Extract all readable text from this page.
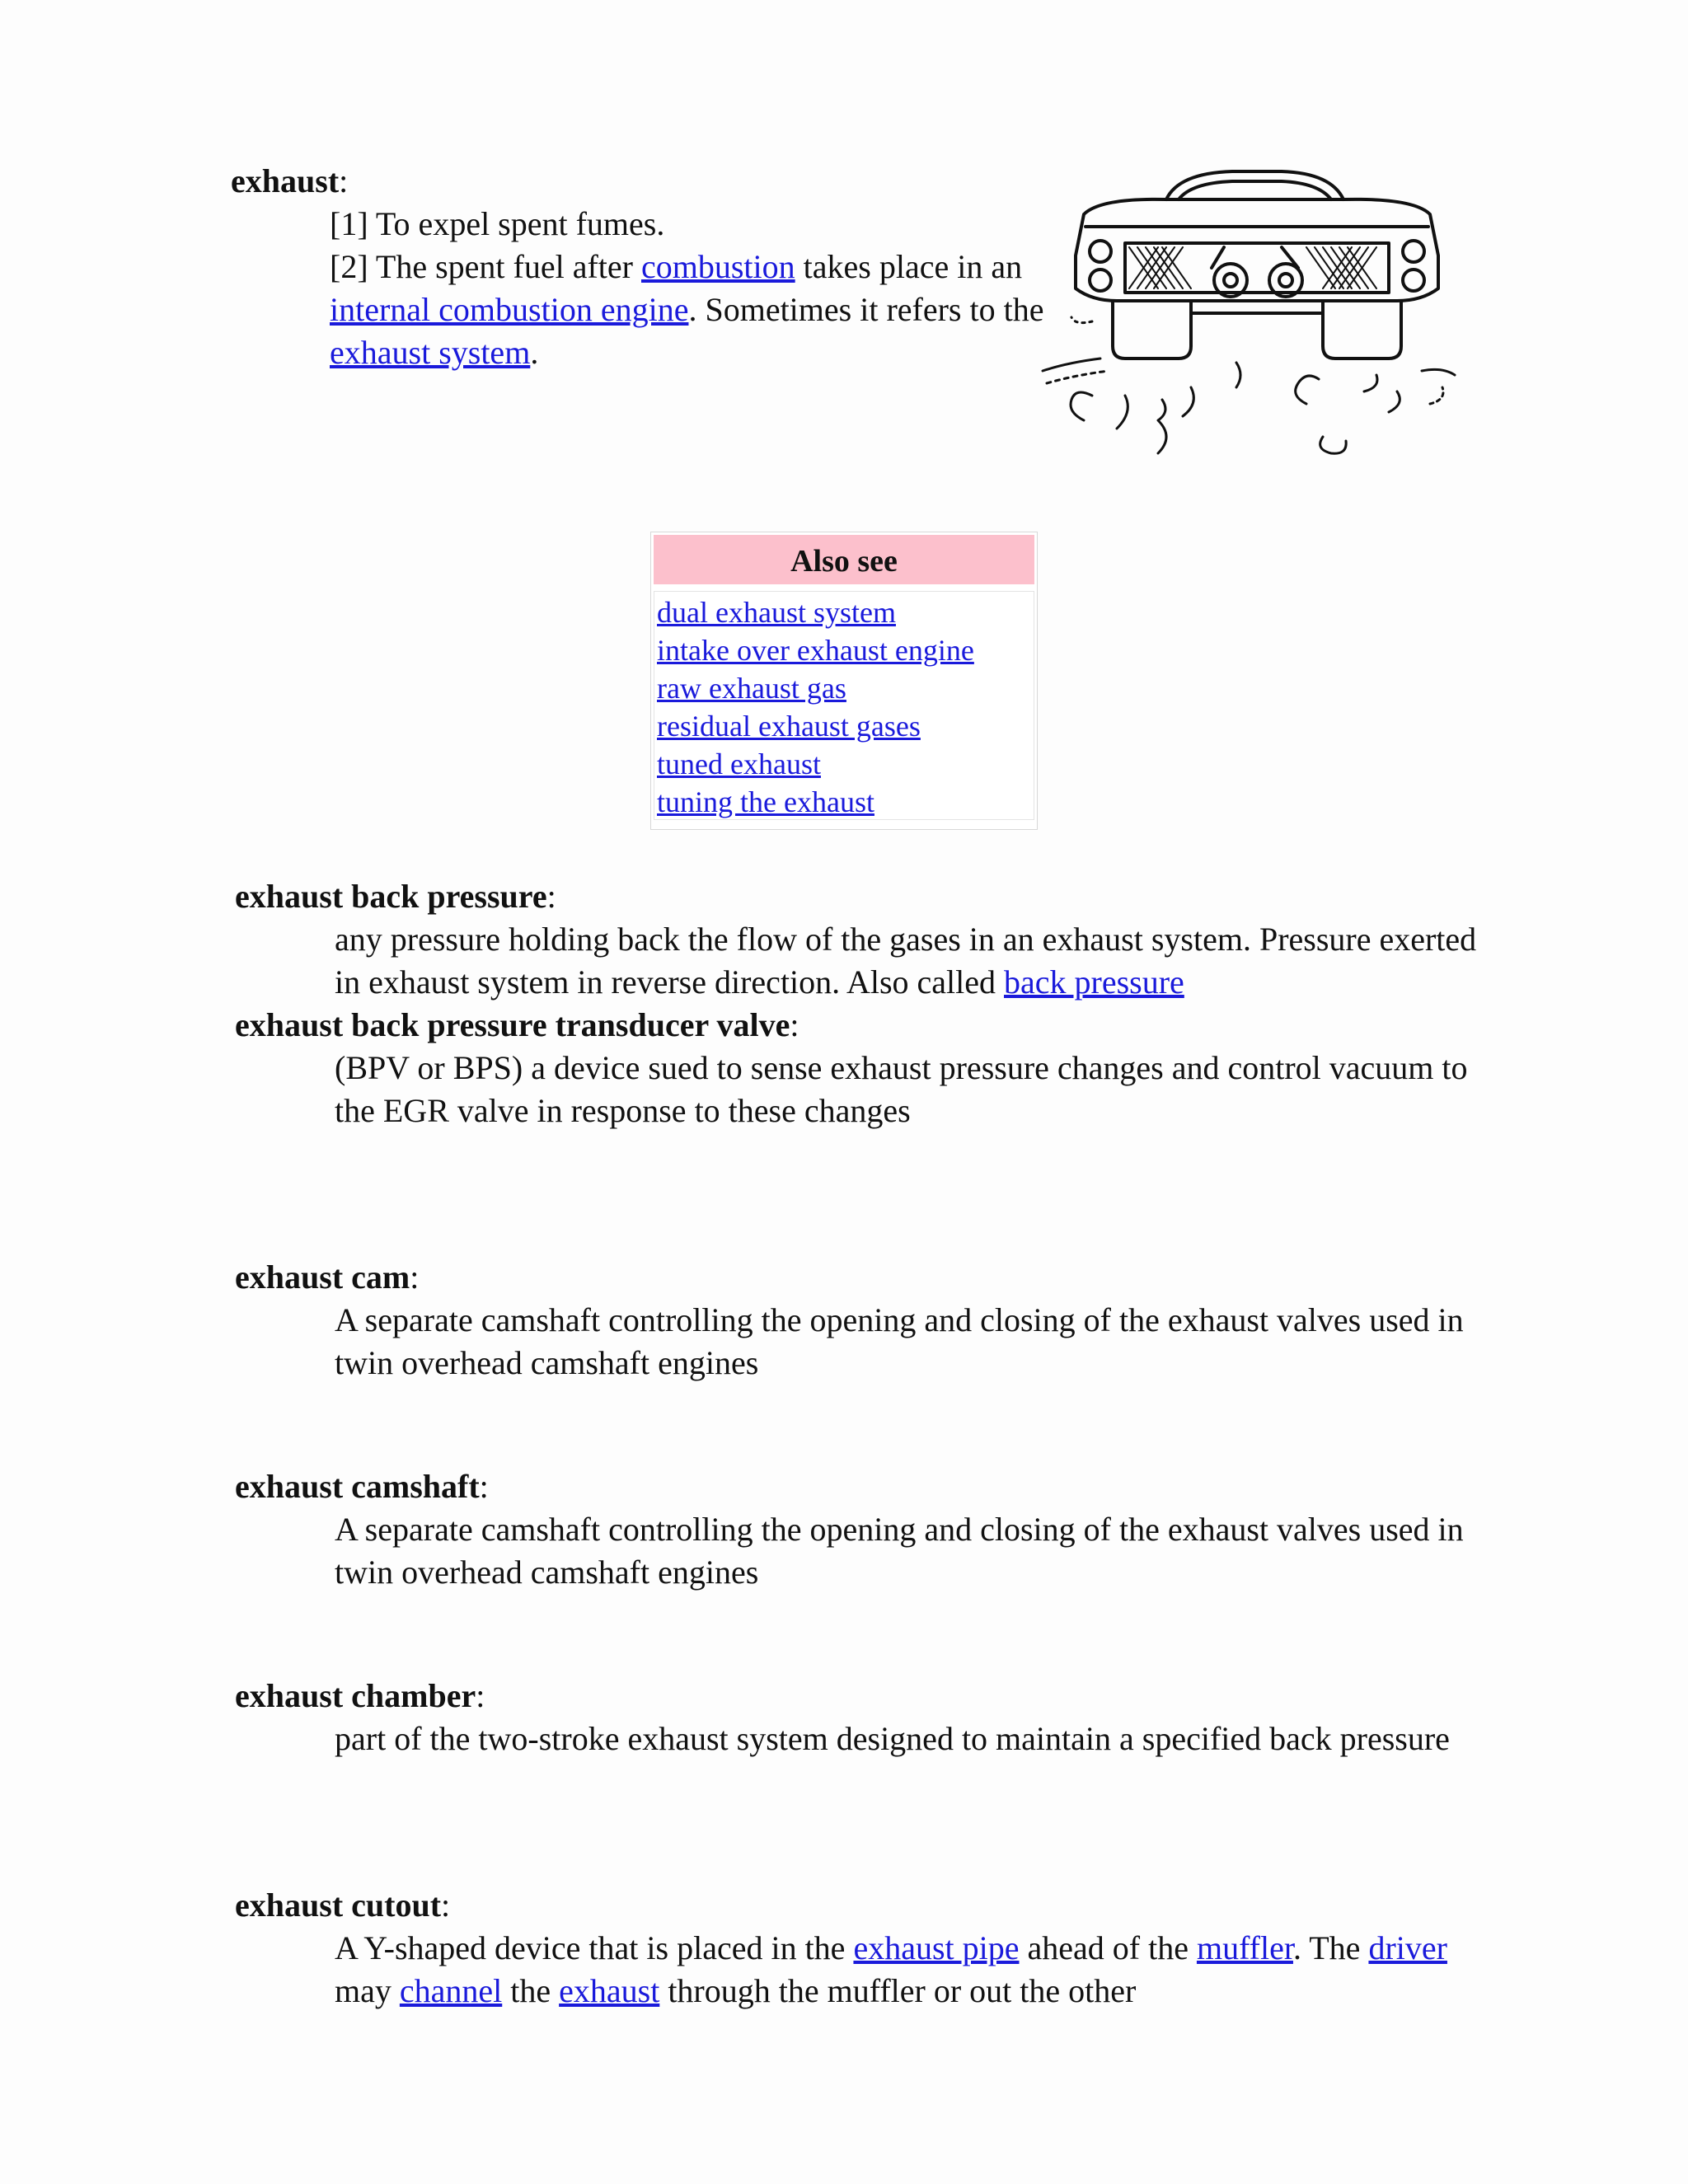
exhaust:
[1] To expel spent fumes.
[2] The spent fuel after combustion takes place in an internal combustion engine. Sometimes it refers to the exhaust system.
Also see
dual exhaust system
intake over exhaust engine
raw exhaust gas
residual exhaust gases
tuned exhaust
tuning the exhaust
exhaust back pressure:
any pressure holding back the flow of the gases in an exhaust system. Pressure exerted in exhaust system in reverse direction. Also called back pressure
exhaust back pressure transducer valve:
(BPV or BPS) a device sued to sense exhaust pressure changes and control vacuum to the EGR valve in response to these changes
exhaust cam:
A separate camshaft controlling the opening and closing of the exhaust valves used in twin overhead camshaft engines
exhaust camshaft:
A separate camshaft controlling the opening and closing of the exhaust valves used in twin overhead camshaft engines
exhaust chamber:
part of the two-stroke exhaust system designed to maintain a specified back pressure
exhaust cutout:
A Y-shaped device that is placed in the exhaust pipe ahead of the muffler. The driver may channel the exhaust through the muffler or out the other
